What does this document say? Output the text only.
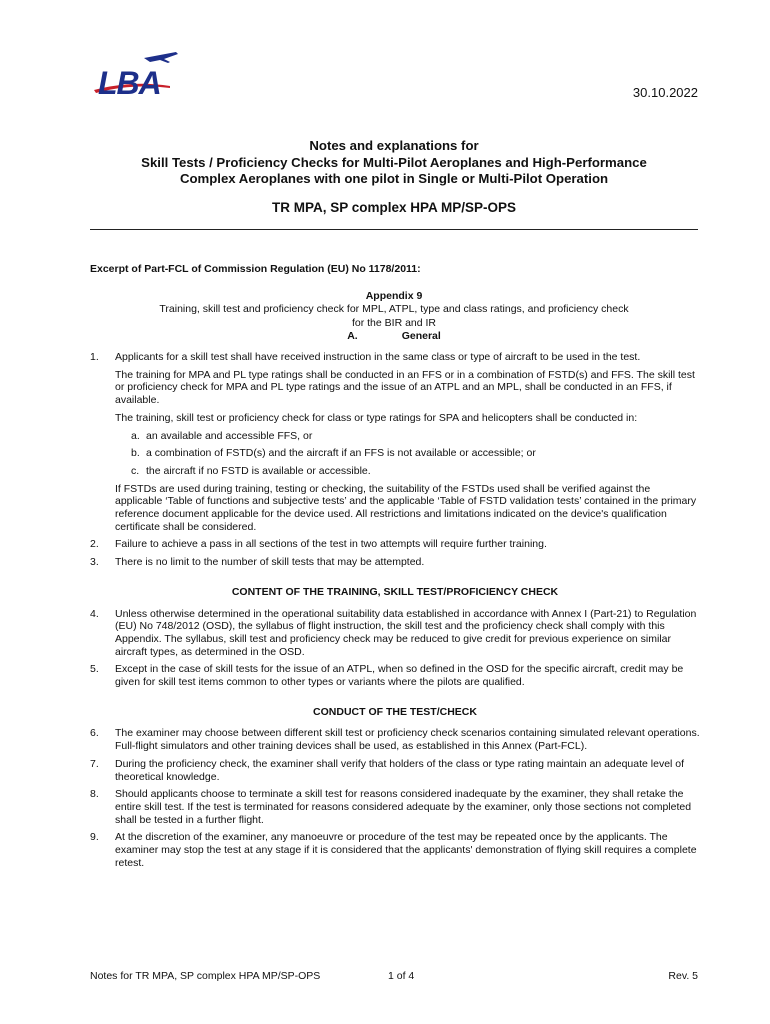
LBA	30.10.2022

Notes and explanations for

Skill Tests / Proficiency Checks for Multi-Pilot Aeroplanes and High-Performance

Complex Aeroplanes with one pilot in Single or Multi-Pilot Operation

TR MPA, SP complex HPA MP/SP-OPS
Excerpt of Part-FCL of Commission Regulation (EU) No 1178/2011:

Appendix 9

Training, skill test and proficiency check for MPL, ATPL, type and class ratings, and proficiency check

for the BIR and IR

A.	General

1. Applicants for a skill test shall have received instruction in the same class or type of aircraft to be used in the test.

The training for MPA and PL type ratings shall be conducted in an FFS or in a combination of FSTD(s) and FFS. The skill test or proficiency check for MPA and PL type ratings and the issue of an ATPL and an MPL, shall be conducted in an FFS, if available.

The training, skill test or proficiency check for class or type ratings for SPA and helicopters shall be conducted in:

a. an available and accessible FFS, or
b. a combination of FSTD(s) and the aircraft if an FFS is not available or accessible; or
c. the aircraft if no FSTD is available or accessible.

If FSTDs are used during training, testing or checking, the suitability of the FSTDs used shall be verified against the applicable ‘Table of functions and subjective tests’ and the applicable ‘Table of FSTD validation tests’ contained in the primary reference document applicable for the device used. All restrictions and limitations indicated on the device's qualification certificate shall be considered.

2. Failure to achieve a pass in all sections of the test in two attempts will require further training.

3. There is no limit to the number of skill tests that may be attempted.

CONTENT OF THE TRAINING, SKILL TEST/PROFICIENCY CHECK
4. Unless otherwise determined in the operational suitability data established in accordance with Annex I (Part-21) to Regulation (EU) No 748/2012 (OSD), the syllabus of flight instruction, the skill test and the proficiency check shall comply with this Appendix. The syllabus, skill test and proficiency check may be reduced to give credit for previous experience on similar aircraft types, as determined in the OSD.

5. Except in the case of skill tests for the issue of an ATPL, when so defined in the OSD for the specific aircraft, credit may be given for skill test items common to other types or variants where the pilots are qualified.

CONDUCT OF THE TEST/CHECK
6. The examiner may choose between different skill test or proficiency check scenarios containing simulated relevant operations. Full-flight simulators and other training devices shall be used, as established in this Annex (Part-FCL).

7. During the proficiency check, the examiner shall verify that holders of the class or type rating maintain an adequate level of theoretical knowledge.

8. Should applicants choose to terminate a skill test for reasons considered inadequate by the examiner, they shall retake the entire skill test. If the test is terminated for reasons considered adequate by the examiner, only those sections not completed shall be tested in a further flight.

9. At the discretion of the examiner, any manoeuvre or procedure of the test may be repeated once by the applicants. The examiner may stop the test at any stage if it is considered that the applicants' demonstration of flying skill requires a complete retest.

Notes for TR MPA, SP complex HPA MP/SP-OPS	1 of 4	Rev. 5
